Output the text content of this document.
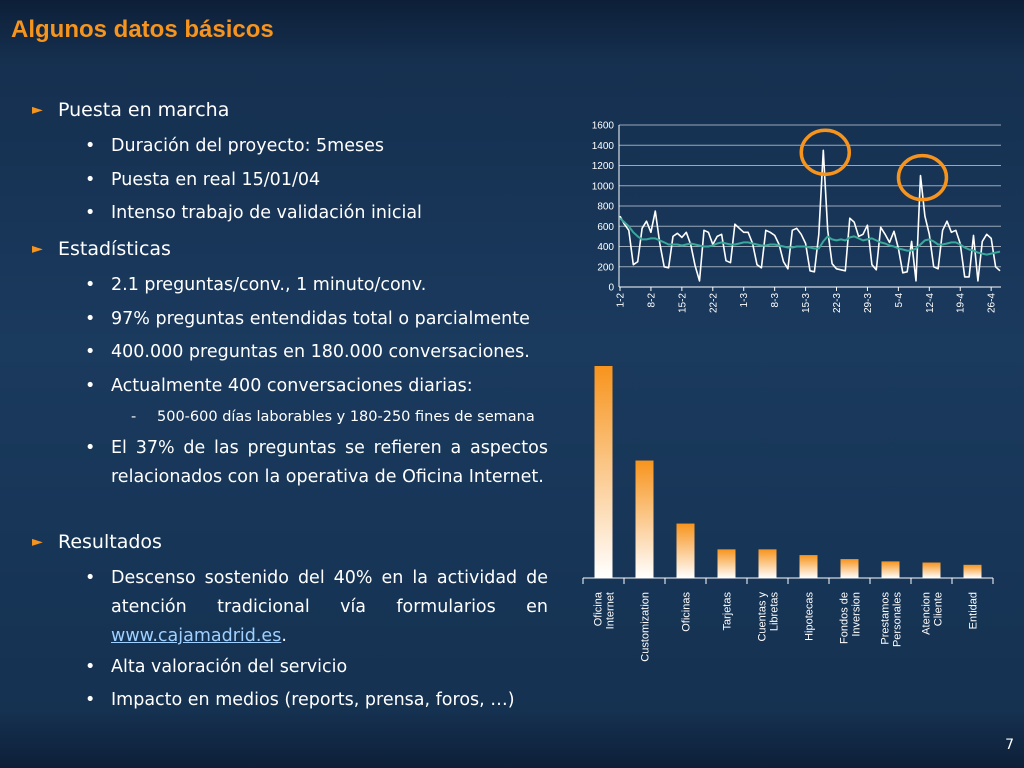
Algunos datos básicos
► Puesta en marcha
• Duración del proyecto: 5meses
• Puesta en real 15/01/04
• Intenso trabajo de validación inicial
► Estadísticas
• 2.1 preguntas/conv., 1 minuto/conv.
• 97% preguntas entendidas total o parcialmente
• 400.000 preguntas en 180.000 conversaciones.
• Actualmente 400 conversaciones diarias:
- 500-600 días laborables y 180-250 fines de semana
• El 37% de las preguntas se refieren a aspectos relacionados con la operativa de Oficina Internet.
► Resultados
• Descenso sostenido del 40% en la actividad de atención tradicional vía formularios en www.cajamadrid.es.
• Alta valoración del servicio
• Impacto en medios (reports, prensa, foros, …)
0
200
400
600
800
1000
1200
1400
1600
1-2 8-2 15-2 22-2 1-3 8-3 15-3 22-3 29-3 5-4 12-4 19-4 26-4
Oficina Internet Customization	Oficinas	Tarjetas Cuentas y Libretas Hipotecas Fondos de Inversion Prestamos Personales Atencion Cliente Entidad
7
